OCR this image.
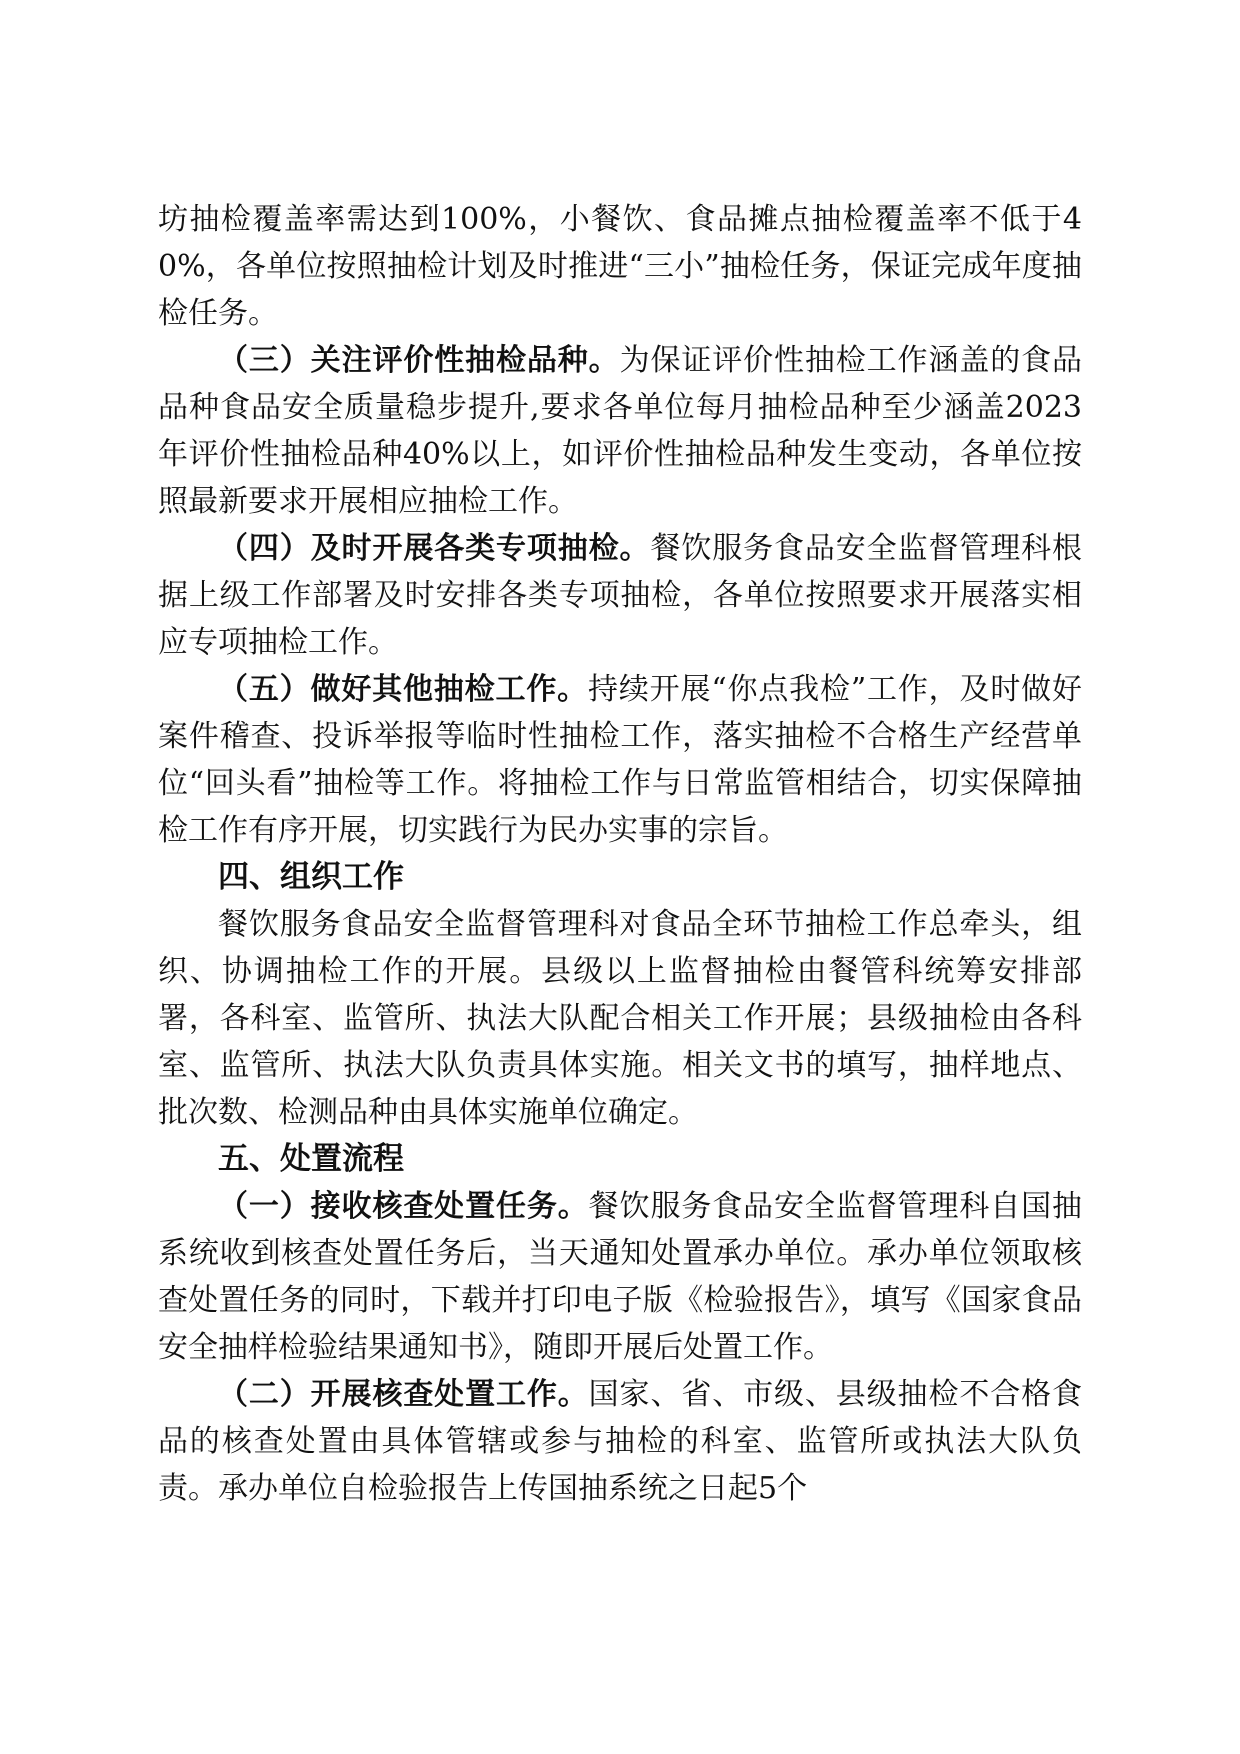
坊抽检覆盖率需达到100%，小餐饮、食品摊点抽检覆盖率不低于40%，各单位按照抽检计划及时推进“三小”抽检任务，保证完成年度抽检任务。

（三）关注评价性抽检品种。为保证评价性抽检工作涵盖的食品品种食品安全质量稳步提升,要求各单位每月抽检品种至少涵盖2023年评价性抽检品种40%以上，如评价性抽检品种发生变动，各单位按照最新要求开展相应抽检工作。

（四）及时开展各类专项抽检。餐饮服务食品安全监督管理科根据上级工作部署及时安排各类专项抽检，各单位按照要求开展落实相应专项抽检工作。

（五）做好其他抽检工作。持续开展“你点我检”工作，及时做好案件稽查、投诉举报等临时性抽检工作，落实抽检不合格生产经营单位“回头看”抽检等工作。将抽检工作与日常监管相结合，切实保障抽检工作有序开展，切实践行为民办实事的宗旨。

四、组织工作

餐饮服务食品安全监督管理科对食品全环节抽检工作总牵头，组织、协调抽检工作的开展。县级以上监督抽检由餐管科统筹安排部署，各科室、监管所、执法大队配合相关工作开展；县级抽检由各科室、监管所、执法大队负责具体实施。相关文书的填写，抽样地点、批次数、检测品种由具体实施单位确定。

五、处置流程

（一）接收核查处置任务。餐饮服务食品安全监督管理科自国抽系统收到核查处置任务后，当天通知处置承办单位。承办单位领取核查处置任务的同时，下载并打印电子版《检验报告》，填写《国家食品安全抽样检验结果通知书》，随即开展后处置工作。

（二）开展核查处置工作。国家、省、市级、县级抽检不合格食品的核查处置由具体管辖或参与抽检的科室、监管所或执法大队负责。承办单位自检验报告上传国抽系统之日起5个
